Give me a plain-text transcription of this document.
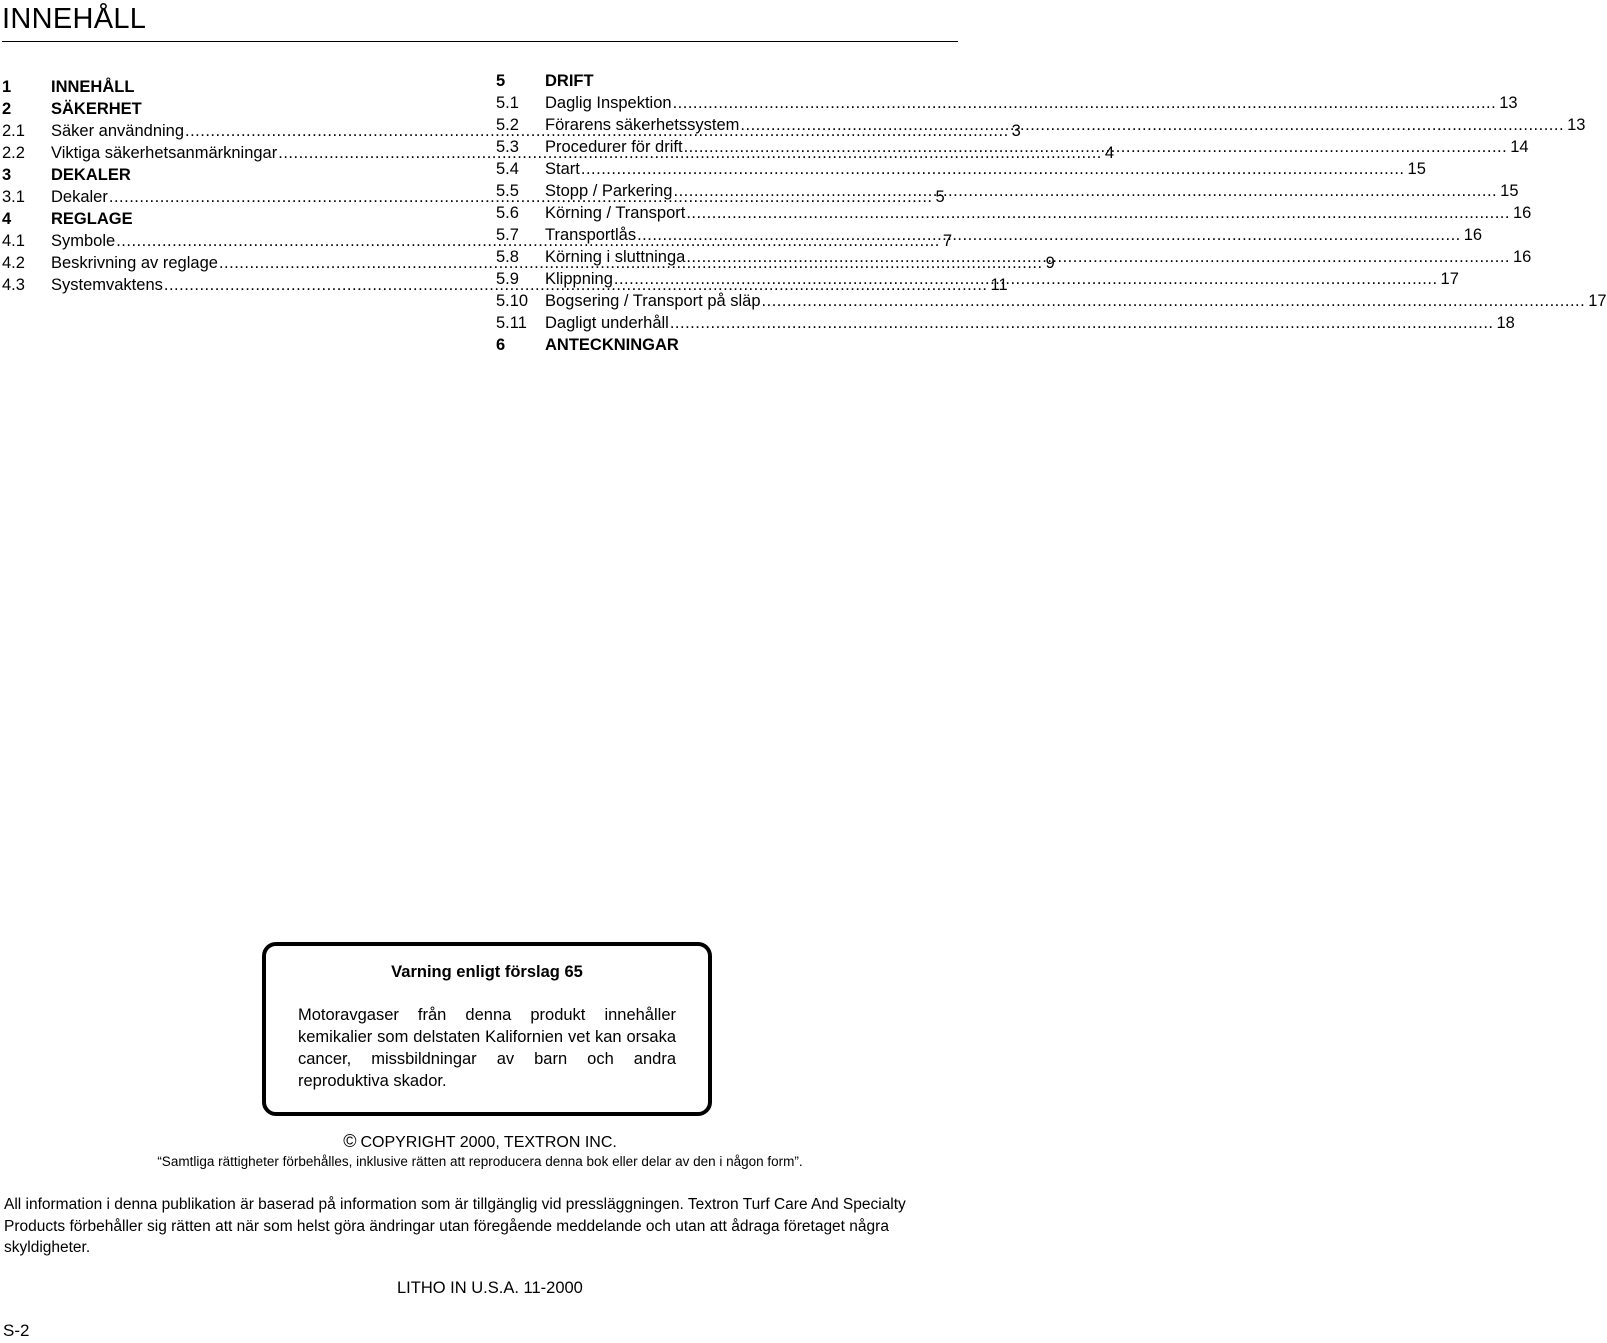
INNEHÅLL
1	INNEHÅLL
2	SÄKERHET
2.1	Säker användning .....	3
2.2	Viktiga säkerhetsanmärkningar .....	4
3	DEKALER
3.1	Dekaler .....	5
4	REGLAGE
4.1	Symbole .....	7
4.2	Beskrivning av reglage .....	9
4.3	Systemvaktens .....	11
5	DRIFT
5.1	Daglig Inspektion .....	13
5.2	Förarens säkerhetssystem .....	13
5.3	Procedurer för drift .....	14
5.4	Start .....	15
5.5	Stopp / Parkering .....	15
5.6	Körning / Transport .....	16
5.7	Transportlås .....	16
5.8	Körning i sluttninga .....	16
5.9	Klippning .....	17
5.10	Bogsering / Transport på släp .....	17
5.11	Dagligt underhåll .....	18
6	ANTECKNINGAR
Varning enligt förslag 65
Motoravgaser från denna produkt innehåller kemikalier som delstaten Kalifornien vet kan orsaka cancer, missbildningar av barn och andra reproduktiva skador.
© COPYRIGHT 2000, TEXTRON INC.
“Samtliga rättigheter förbehålles, inklusive rätten att reproducera denna bok eller delar av den i någon form”.
All information i denna publikation är baserad på information som är tillgänglig vid pressläggningen. Textron Turf Care And Specialty Products förbehåller sig rätten att när som helst göra ändringar utan föregående meddelande och utan att ådraga företaget några skyldigheter.
LITHO IN U.S.A. 11-2000
S-2
